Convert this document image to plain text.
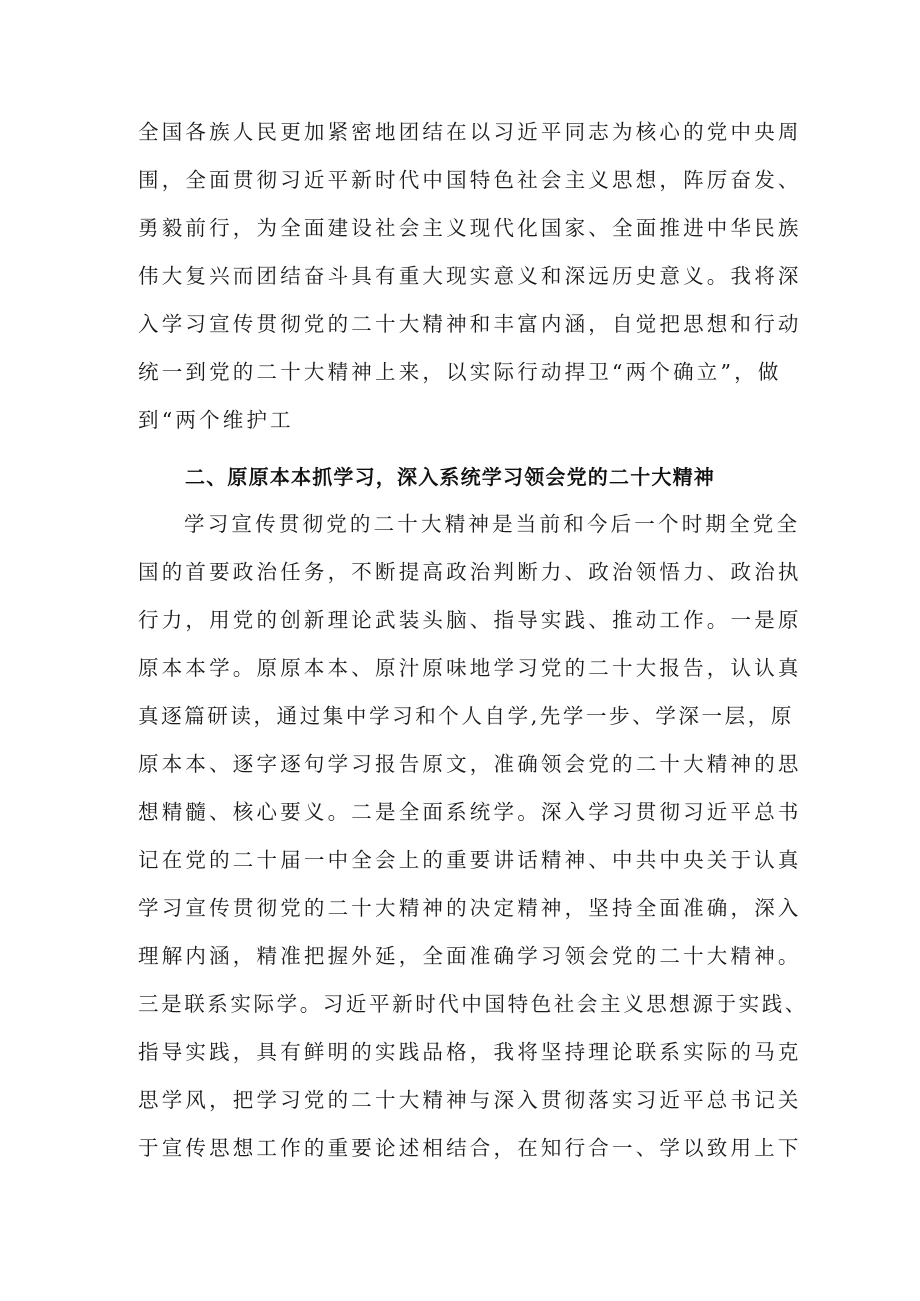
全国各族人民更加紧密地团结在以习近平同志为核心的党中央周
围，全面贯彻习近平新时代中国特色社会主义思想，阵厉奋发、
勇毅前行，为全面建设社会主义现代化国家、全面推进中华民族
伟大复兴而团结奋斗具有重大现实意义和深远历史意义。我将深
入学习宣传贯彻党的二十大精神和丰富内涵，自觉把思想和行动
统一到党的二十大精神上来，以实际行动捍卫“两个确立”，做
到“两个维护工
二、原原本本抓学习，深入系统学习领会党的二十大精神
学习宣传贯彻党的二十大精神是当前和今后一个时期全党全
国的首要政治任务，不断提高政治判断力、政治领悟力、政治执
行力，用党的创新理论武装头脑、指导实践、推动工作。一是原
原本本学。原原本本、原汁原味地学习党的二十大报告，认认真
真逐篇研读，通过集中学习和个人自学,先学一步、学深一层，原
原本本、逐字逐句学习报告原文，准确领会党的二十大精神的思
想精髓、核心要义。二是全面系统学。深入学习贯彻习近平总书
记在党的二十届一中全会上的重要讲话精神、中共中央关于认真
学习宣传贯彻党的二十大精神的决定精神，坚持全面准确，深入
理解内涵，精准把握外延，全面准确学习领会党的二十大精神。
三是联系实际学。习近平新时代中国特色社会主义思想源于实践、
指导实践，具有鲜明的实践品格，我将坚持理论联系实际的马克
思学风，把学习党的二十大精神与深入贯彻落实习近平总书记关
于宣传思想工作的重要论述相结合，在知行合一、学以致用上下
